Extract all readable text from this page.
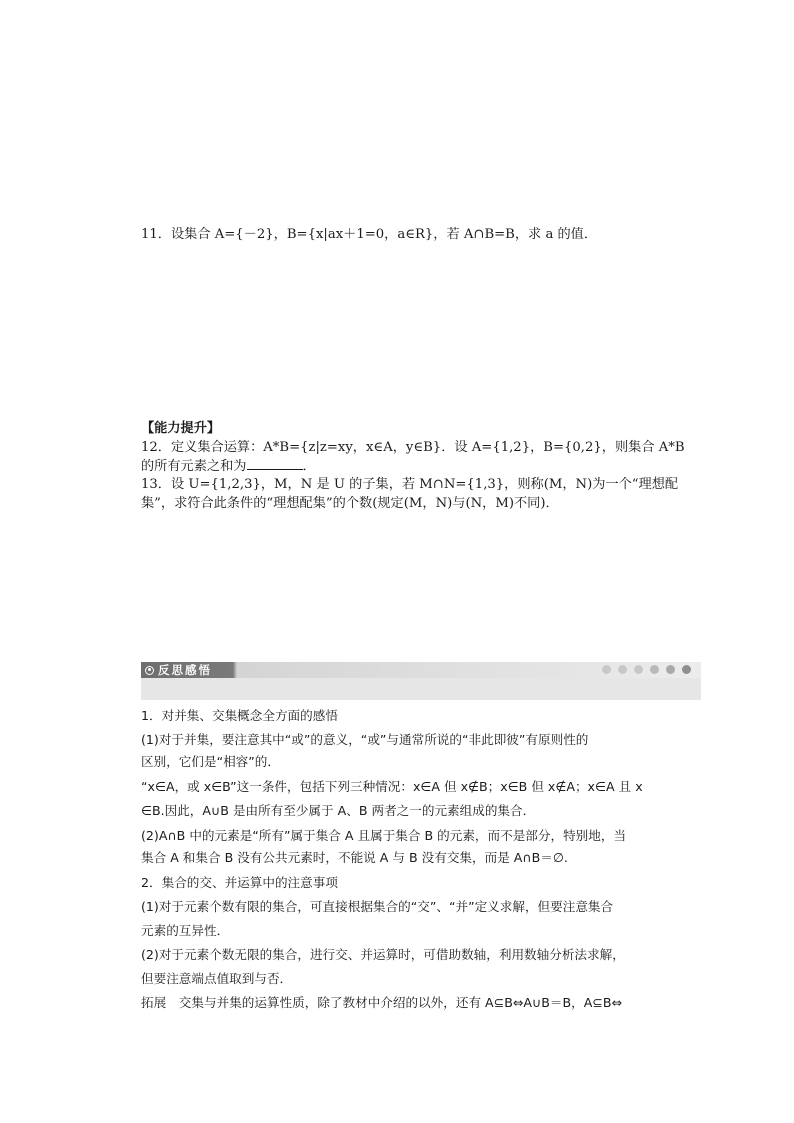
11．设集合 A={－2}，B={x|ax＋1=0，a∈R}，若 A∩B=B，求 a 的值．
【能力提升】
12．定义集合运算：A*B={z|z=xy，x∈A，y∈B}．设 A={1,2}，B={0,2}，则集合 A*B
的所有元素之和为	．
13．设 U={1,2,3}，M，N 是 U 的子集，若 M∩N={1,3}，则称(M，N)为一个“理想配
集”，求符合此条件的“理想配集”的个数(规定(M，N)与(N，M)不同)．
反思感悟
1．对并集、交集概念全方面的感悟
(1)对于并集，要注意其中“或”的意义，“或”与通常所说的“非此即彼”有原则性的
区别，它们是“相容”的．
“x∈A，或 x∈B”这一条件，包括下列三种情况：x∈A 但 x∉B；x∈B 但 x∉A；x∈A 且 x
∈B.因此，A∪B 是由所有至少属于 A、B 两者之一的元素组成的集合．
(2)A∩B 中的元素是“所有”属于集合 A 且属于集合 B 的元素，而不是部分，特别地，当
集合 A 和集合 B 没有公共元素时，不能说 A 与 B 没有交集，而是 A∩B＝∅.
2．集合的交、并运算中的注意事项
(1)对于元素个数有限的集合，可直接根据集合的“交”、“并”定义求解，但要注意集合
元素的互异性．
(2)对于元素个数无限的集合，进行交、并运算时，可借助数轴，利用数轴分析法求解，
但要注意端点值取到与否．
拓展　交集与并集的运算性质，除了教材中介绍的以外，还有 A⊆B⇔A∪B＝B，A⊆B⇔
